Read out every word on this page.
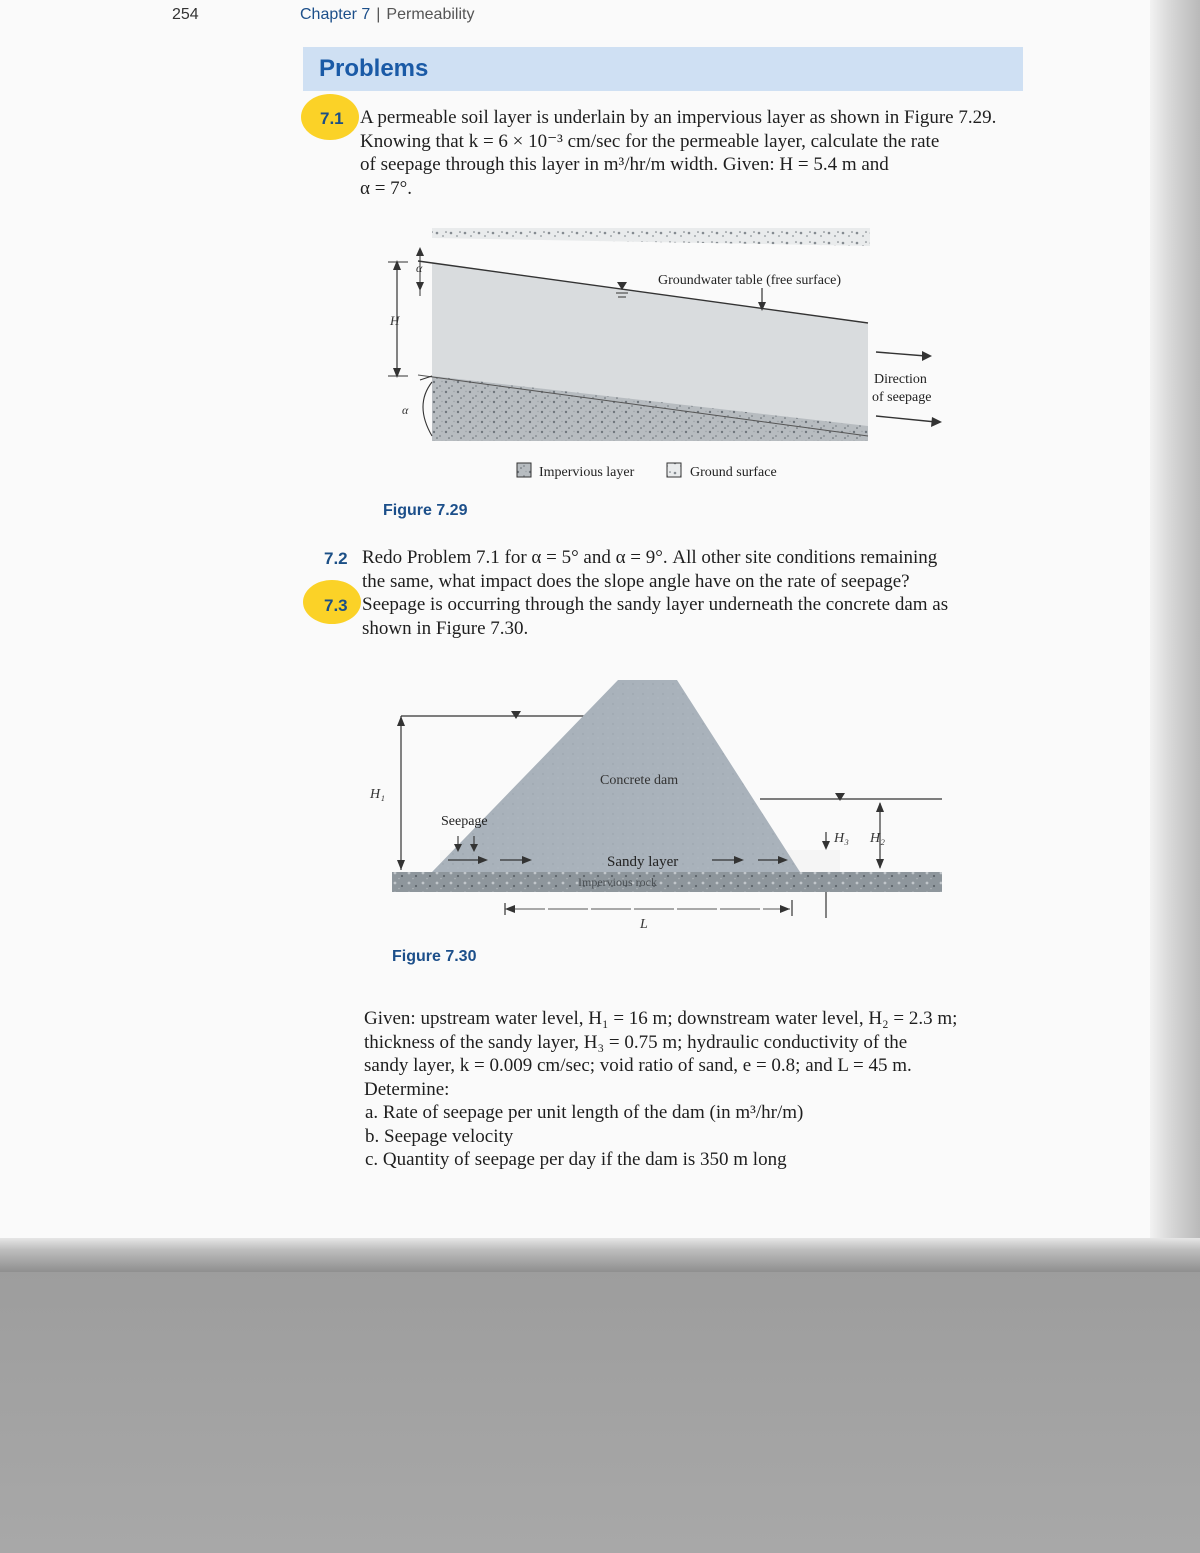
254	Chapter 7 | Permeability
Problems
7.1 A permeable soil layer is underlain by an impervious layer as shown in Figure 7.29.
Knowing that k = 6 × 10⁻³ cm/sec for the permeable layer, calculate the rate
of seepage through this layer in m³/hr/m width. Given: H = 5.4 m and
α = 7°.
Groundwater table (free surface)
Direction
of seepage
H
α
α
Impervious layer	Ground surface
Figure 7.29
7.2 Redo Problem 7.1 for α = 5° and α = 9°. All other site conditions remaining
the same, what impact does the slope angle have on the rate of seepage?
7.3 Seepage is occurring through the sandy layer underneath the concrete dam as
shown in Figure 7.30.
Concrete dam
Seepage
Sandy layer
Impervious rock
H₁
H₂
H₃
L
Figure 7.30
Given: upstream water level, H₁ = 16 m; downstream water level, H₂ = 2.3 m;
thickness of the sandy layer, H₃ = 0.75 m; hydraulic conductivity of the
sandy layer, k = 0.009 cm/sec; void ratio of sand, e = 0.8; and L = 45 m.
Determine:
a. Rate of seepage per unit length of the dam (in m³/hr/m)
b. Seepage velocity
c. Quantity of seepage per day if the dam is 350 m long
